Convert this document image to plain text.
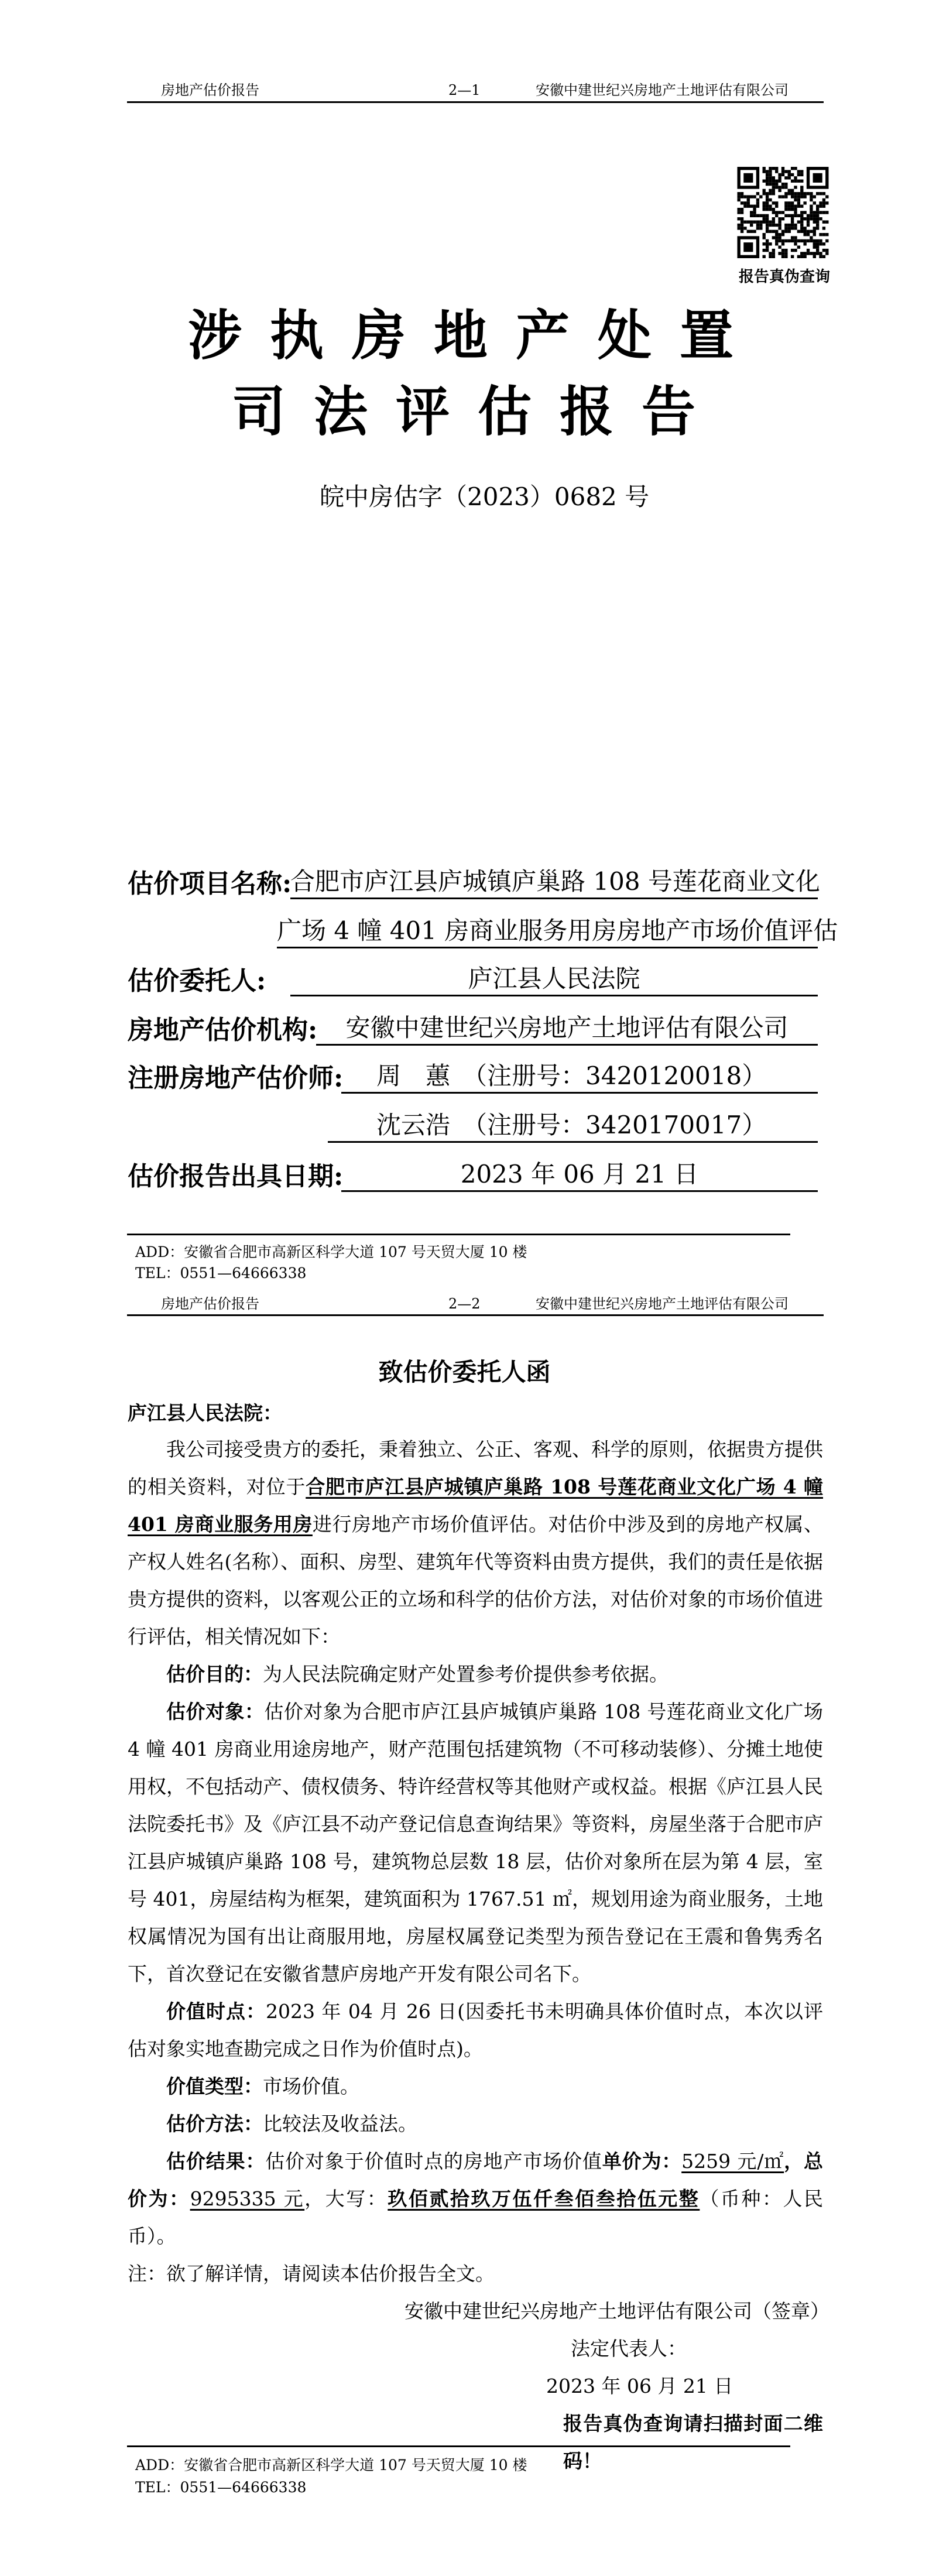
房地产估价报告	2—1	安徽中建世纪兴房地产土地评估有限公司
报告真伪查询
涉执房地产处置
司法评估报告
皖中房估字（2023）0682 号
估价项目名称:
合肥市庐江县庐城镇庐巢路 108 号莲花商业文化
广场 4 幢 401 房商业服务用房房地产市场价值评估
估价委托人:	庐江县人民法院
房地产估价机构:	安徽中建世纪兴房地产土地评估有限公司
注册房地产估价师:	周　蕙　（注册号：3420120018）
沈云浩　（注册号：3420170017）
估价报告出具日期:	2023 年 06 月 21 日
ADD：安徽省合肥市高新区科学大道 107 号天贸大厦 10 楼
TEL：0551—64666338
房地产估价报告	2—2	安徽中建世纪兴房地产土地评估有限公司
致估价委托人函
庐江县人民法院：

我公司接受贵方的委托，秉着独立、公正、客观、科学的原则，依据贵方提供的相关资料，对位于合肥市庐江县庐城镇庐巢路 108 号莲花商业文化广场 4 幢 401 房商业服务用房进行房地产市场价值评估。对估价中涉及到的房地产权属、产权人姓名(名称）、面积、房型、建筑年代等资料由贵方提供，我们的责任是依据贵方提供的资料，以客观公正的立场和科学的估价方法，对估价对象的市场价值进行评估，相关情况如下：

估价目的：为人民法院确定财产处置参考价提供参考依据。

估价对象：估价对象为合肥市庐江县庐城镇庐巢路 108 号莲花商业文化广场 4 幢 401 房商业用途房地产，财产范围包括建筑物（不可移动装修）、分摊土地使用权，不包括动产、债权债务、特许经营权等其他财产或权益。根据《庐江县人民法院委托书》及《庐江县不动产登记信息查询结果》等资料，房屋坐落于合肥市庐江县庐城镇庐巢路 108 号，建筑物总层数 18 层，估价对象所在层为第 4 层，室号 401，房屋结构为框架，建筑面积为 1767.51 ㎡，规划用途为商业服务，土地权属情况为国有出让商服用地，房屋权属登记类型为预告登记在王震和鲁隽秀名下，首次登记在安徽省慧庐房地产开发有限公司名下。

价值时点：2023 年 04 月 26 日(因委托书未明确具体价值时点，本次以评估对象实地查勘完成之日作为价值时点)。

价值类型：市场价值。

估价方法：比较法及收益法。

估价结果：估价对象于价值时点的房地产市场价值单价为：5259 元/㎡，总价为：9295335 元，大写：玖佰贰拾玖万伍仟叁佰叁拾伍元整（币种：人民币）。

注：欲了解详情，请阅读本估价报告全文。

安徽中建世纪兴房地产土地评估有限公司（签章）

法定代表人：

2023 年 06 月 21 日

报告真伪查询请扫描封面二维码！

ADD：安徽省合肥市高新区科学大道 107 号天贸大厦 10 楼
TEL：0551—64666338
